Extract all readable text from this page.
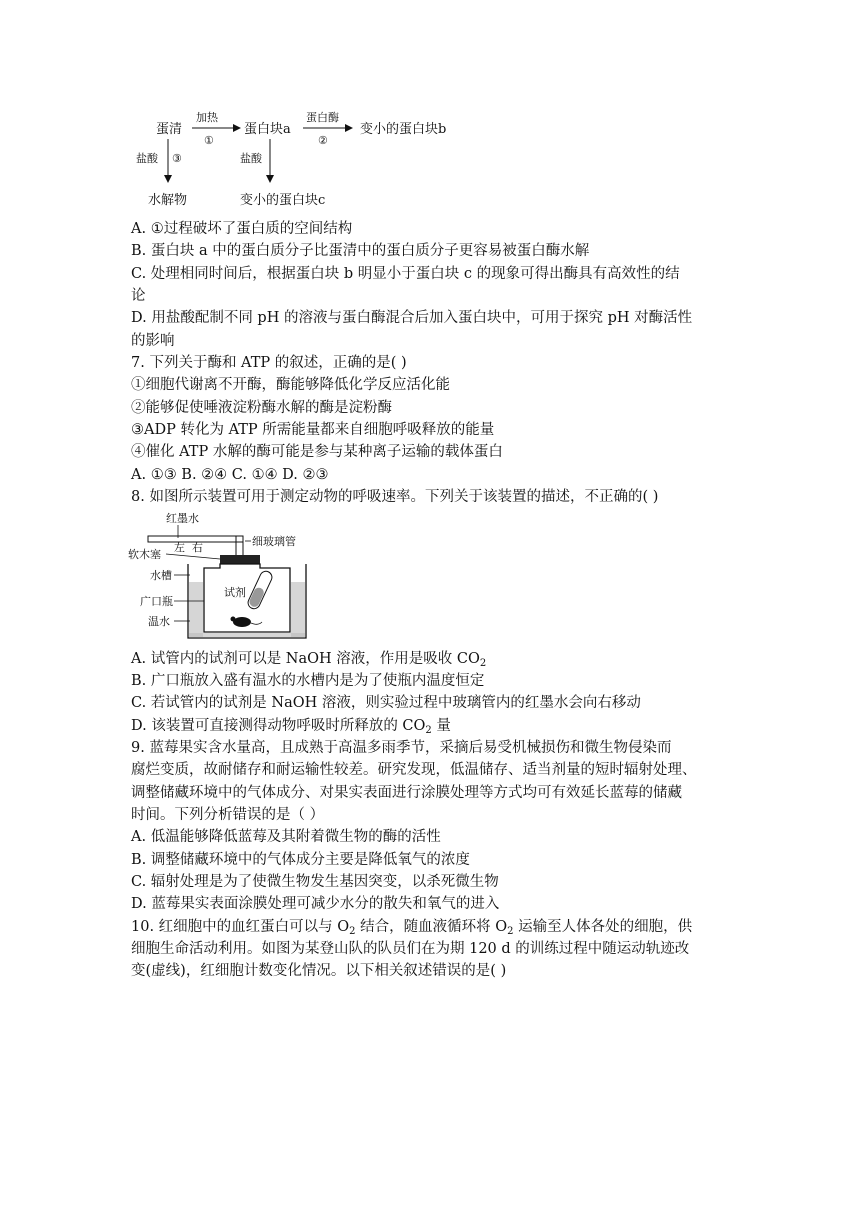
蛋清
加热
①
蛋白块a
蛋白酶
②
变小的蛋白块b
盐酸 ③
水解物
盐酸
变小的蛋白块c
A. ①过程破坏了蛋白质的空间结构
B. 蛋白块 a 中的蛋白质分子比蛋清中的蛋白质分子更容易被蛋白酶水解
C. 处理相同时间后，根据蛋白块 b 明显小于蛋白块 c 的现象可得出酶具有高效性的结
论
D. 用盐酸配制不同 pH 的溶液与蛋白酶混合后加入蛋白块中，可用于探究 pH 对酶活性
的影响
7. 下列关于酶和 ATP 的叙述，正确的是( )
①细胞代谢离不开酶，酶能够降低化学反应活化能
②能够促使唾液淀粉酶水解的酶是淀粉酶
③ADP 转化为 ATP 所需能量都来自细胞呼吸释放的能量
④催化 ATP 水解的酶可能是参与某种离子运输的载体蛋白
A. ①③ B. ②④ C. ①④ D. ②③
8. 如图所示装置可用于测定动物的呼吸速率。下列关于该装置的描述，不正确的( )
红墨水
左 右	细玻璃管
软木塞
水槽
广口瓶
温水
试剂
A. 试管内的试剂可以是 NaOH 溶液，作用是吸收 $CO_2$
B. 广口瓶放入盛有温水的水槽内是为了使瓶内温度恒定
C. 若试管内的试剂是 NaOH 溶液，则实验过程中玻璃管内的红墨水会向右移动
D. 该装置可直接测得动物呼吸时所释放的 $CO_2$ 量
9. 蓝莓果实含水量高，且成熟于高温多雨季节，采摘后易受机械损伤和微生物侵染而
腐烂变质，故耐储存和耐运输性较差。研究发现，低温储存、适当剂量的短时辐射处理、
调整储藏环境中的气体成分、对果实表面进行涂膜处理等方式均可有效延长蓝莓的储藏
时间。下列分析错误的是（ ）
A. 低温能够降低蓝莓及其附着微生物的酶的活性
B. 调整储藏环境中的气体成分主要是降低氧气的浓度
C. 辐射处理是为了使微生物发生基因突变，以杀死微生物
D. 蓝莓果实表面涂膜处理可减少水分的散失和氧气的进入
10. 红细胞中的血红蛋白可以与 $O_2$ 结合，随血液循环将 $O_2$ 运输至人体各处的细胞，供
细胞生命活动利用。如图为某登山队的队员们在为期 120 d 的训练过程中随运动轨迹改
变(虚线)，红细胞计数变化情况。以下相关叙述错误的是( )
